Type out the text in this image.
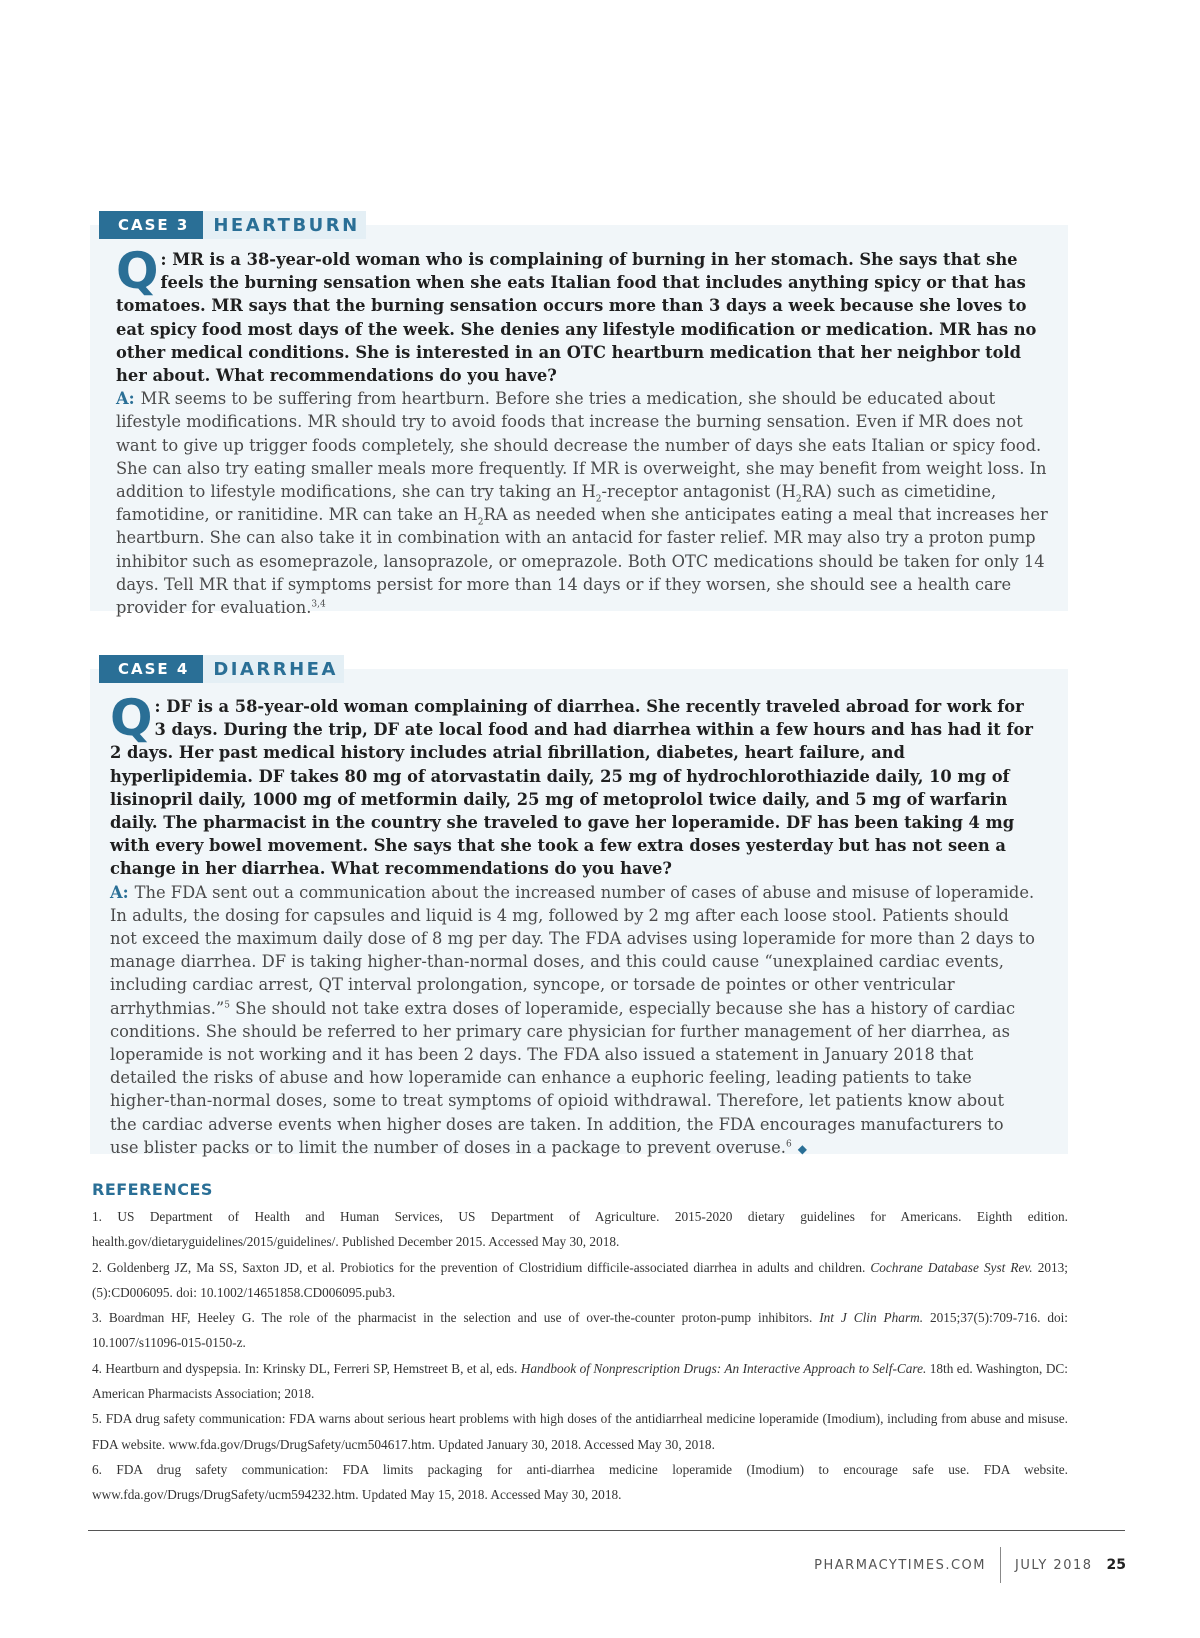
CASE 3	HEARTBURN

Q : MR is a 38-year-old woman who is complaining of burning in her stomach. She says that she feels the burning sensation when she eats Italian food that includes anything spicy or that has tomatoes. MR says that the burning sensation occurs more than 3 days a week because she loves to eat spicy food most days of the week. She denies any lifestyle modification or medication. MR has no other medical conditions. She is interested in an OTC heartburn medication that her neighbor told her about. What recommendations do you have?

A: MR seems to be suffering from heartburn. Before she tries a medication, she should be educated about lifestyle modifications. MR should try to avoid foods that increase the burning sensation. Even if MR does not want to give up trigger foods completely, she should decrease the number of days she eats Italian or spicy food. She can also try eating smaller meals more frequently. If MR is overweight, she may benefit from weight loss. In addition to lifestyle modifications, she can try taking an $H_2$-receptor antagonist $(H_2RA)$ such as cimetidine, famotidine, or ranitidine. MR can take an $H_2RA$ as needed when she anticipates eating a meal that increases her heartburn. She can also take it in combination with an antacid for faster relief. MR may also try a proton pump inhibitor such as esomeprazole, lansoprazole, or omeprazole. Both OTC medications should be taken for only 14 days. Tell MR that if symptoms persist for more than 14 days or if they worsen, she should see a health care provider for evaluation.$^{3,4}$

CASE 4	DIARRHEA

Q : DF is a 58-year-old woman complaining of diarrhea. She recently traveled abroad for work for 3 days. During the trip, DF ate local food and had diarrhea within a few hours and has had it for 2 days. Her past medical history includes atrial fibrillation, diabetes, heart failure, and hyperlipidemia. DF takes 80 mg of atorvastatin daily, 25 mg of hydrochlorothiazide daily, 10 mg of lisinopril daily, 1000 mg of metformin daily, 25 mg of metoprolol twice daily, and 5 mg of warfarin daily. The pharmacist in the country she traveled to gave her loperamide. DF has been taking 4 mg with every bowel movement. She says that she took a few extra doses yesterday but has not seen a change in her diarrhea. What recommendations do you have?

A: The FDA sent out a communication about the increased number of cases of abuse and misuse of loperamide. In adults, the dosing for capsules and liquid is 4 mg, followed by 2 mg after each loose stool. Patients should not exceed the maximum daily dose of 8 mg per day. The FDA advises using loperamide for more than 2 days to manage diarrhea. DF is taking higher-than-normal doses, and this could cause “unexplained cardiac events, including cardiac arrest, QT interval prolongation, syncope, or torsade de pointes or other ventricular arrhythmias.”$^5$ She should not take extra doses of loperamide, especially because she has a history of cardiac conditions. She should be referred to her primary care physician for further management of her diarrhea, as loperamide is not working and it has been 2 days. The FDA also issued a statement in January 2018 that detailed the risks of abuse and how loperamide can enhance a euphoric feeling, leading patients to take higher-than-normal doses, some to treat symptoms of opioid withdrawal. Therefore, let patients know about the cardiac adverse events when higher doses are taken. In addition, the FDA encourages manufacturers to use blister packs or to limit the number of doses in a package to prevent overuse.$^6$ ◆

REFERENCES
1. US Department of Health and Human Services, US Department of Agriculture. 2015-2020 dietary guidelines for Americans. Eighth edition. health.gov/dietaryguidelines/2015/guidelines/. Published December 2015. Accessed May 30, 2018.
2. Goldenberg JZ, Ma SS, Saxton JD, et al. Probiotics for the prevention of Clostridium difficile-associated diarrhea in adults and children. Cochrane Database Syst Rev. 2013;(5):CD006095. doi: 10.1002/14651858.CD006095.pub3.
3. Boardman HF, Heeley G. The role of the pharmacist in the selection and use of over-the-counter proton-pump inhibitors. Int J Clin Pharm. 2015;37(5):709-716. doi: 10.1007/s11096-015-0150-z.
4. Heartburn and dyspepsia. In: Krinsky DL, Ferreri SP, Hemstreet B, et al, eds. Handbook of Nonprescription Drugs: An Interactive Approach to Self-Care. 18th ed. Washington, DC: American Pharmacists Association; 2018.
5. FDA drug safety communication: FDA warns about serious heart problems with high doses of the antidiarrheal medicine loperamide (Imodium), including from abuse and misuse. FDA website. www.fda.gov/Drugs/DrugSafety/ucm504617.htm. Updated January 30, 2018. Accessed May 30, 2018.
6. FDA drug safety communication: FDA limits packaging for anti-diarrhea medicine loperamide (Imodium) to encourage safe use. FDA website. www.fda.gov/Drugs/DrugSafety/ucm594232.htm. Updated May 15, 2018. Accessed May 30, 2018.
PHARMACYTIMES.COM JULY 2018 25
